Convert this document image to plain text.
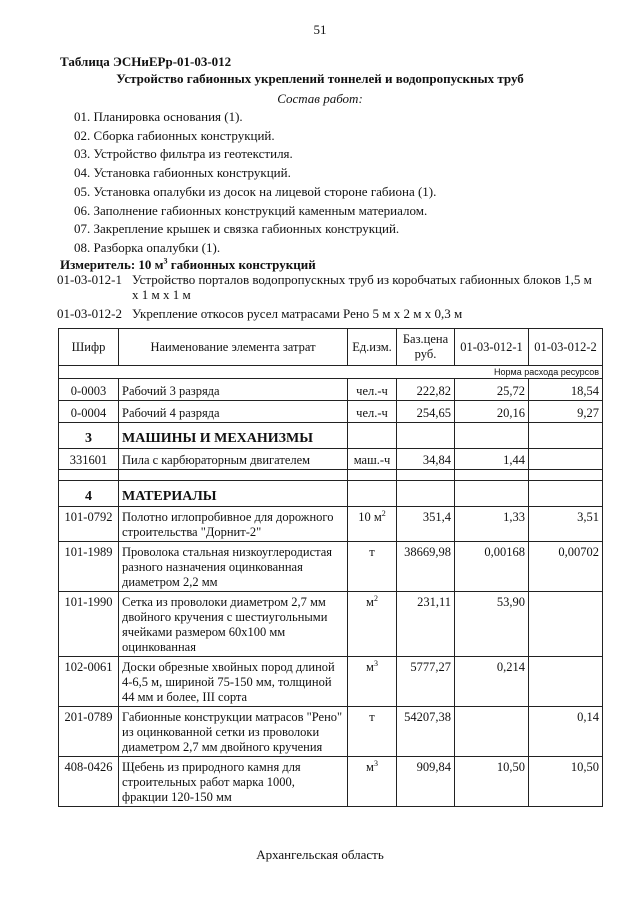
51
Таблица ЭСНиЕРр-01-03-012
Устройство габионных укреплений тоннелей и водопропускных труб
Состав работ:
01. Планировка основания (1).
02. Сборка габионных конструкций.
03. Устройство фильтра из геотекстиля.
04. Установка габионных конструкций.
05. Установка опалубки из досок на лицевой стороне габиона (1).
06. Заполнение габионных конструкций каменным материалом.
07. Закрепление крышек и связка габионных конструкций.
08. Разборка опалубки (1).
Измеритель: 10 $м^3$ габионных конструкций
01-03-012-1 Устройство порталов водопропускных труб из коробчатых габионных блоков 1,5 м х 1 м х 1 м
01-03-012-2 Укрепление откосов русел матрасами Рено 5 м х 2 м х 0,3 м
Шифр	Наименование элемента затрат	Ед.изм.	Баз.цена руб.	01-03-012-1	01-03-012-2
Норма расхода ресурсов					
0-0003	Рабочий 3 разряда	чел.-ч	222,82	25,72	18,54
0-0004	Рабочий 4 разряда	чел.-ч	254,65	20,16	9,27
3	МАШИНЫ И МЕХАНИЗМЫ				
331601	Пила с карбюраторным двигателем	маш.-ч	34,84	1,44	

4	МАТЕРИАЛЫ				
101-0792	Полотно иглопробивное для дорожного строительства "Дорнит-2"	10 $м^2$	351,4	1,33	3,51
101-1989	Проволока стальная низкоуглеродистая разного назначения оцинкованная диаметром 2,2 мм	т	38669,98	0,00168	0,00702
101-1990	Сетка из проволоки диаметром 2,7 мм двойного кручения с шестиугольными ячейками размером 60х100 мм оцинкованная	$м^2$	231,11	53,90	
102-0061	Доски обрезные хвойных пород длиной 4-6,5 м, шириной 75-150 мм, толщиной 44 мм и более, III сорта	$м^3$	5777,27	0,214	
201-0789	Габионные конструкции матрасов "Рено" из оцинкованной сетки из проволоки диаметром 2,7 мм двойного кручения	т	54207,38		0,14
408-0426	Щебень из природного камня для строительных работ марка 1000, фракции 120-150 мм	$м^3$	909,84	10,50	10,50
Архангельская область
